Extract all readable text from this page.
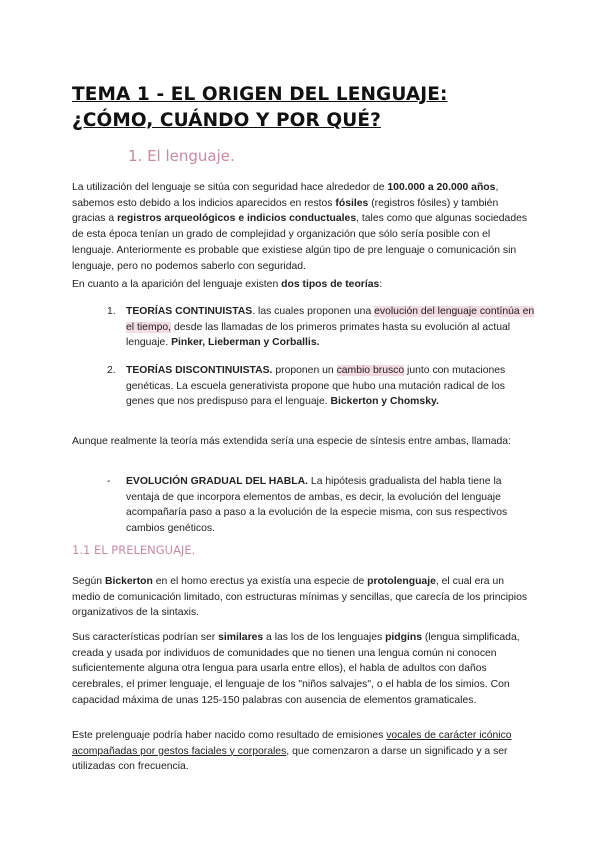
TEMA 1 - EL ORIGEN DEL LENGUAJE:
¿CÓMO, CUÁNDO Y POR QUÉ?
1. El lenguaje.

La utilización del lenguaje se sitúa con seguridad hace alrededor de 100.000 a 20.000 años, sabemos esto debido a los indicios aparecidos en restos fósiles (registros fósiles) y también gracias a registros arqueológicos e indicios conductuales, tales como que algunas sociedades de esta época tenían un grado de complejidad y organización que sólo sería posible con el lenguaje. Anteriormente es probable que existiese algún tipo de pre lenguaje o comunicación sin lenguaje, pero no podemos saberlo con seguridad.

En cuanto a la aparición del lenguaje existen dos tipos de teorías:

1. TEORÍAS CONTINUISTAS. las cuales proponen una evolución del lenguaje contínúa en el tiempo, desde las llamadas de los primeros primates hasta su evolución al actual lenguaje. Pinker, Lieberman y Corballis.

2. TEORÍAS DISCONTINUISTAS. proponen un cambio brusco junto con mutaciones genéticas. La escuela generativista propone que hubo una mutación radical de los genes que nos predispuso para el lenguaje. Bickerton y Chomsky.

Aunque realmente la teoría más extendida sería una especie de síntesis entre ambas, llamada:

- EVOLUCIÓN GRADUAL DEL HABLA. La hipótesis gradualista del habla tiene la ventaja de que incorpora elementos de ambas, es decir, la evolución del lenguaje acompañaría paso a paso a la evolución de la especie misma, con sus respectivos cambios genéticos.

1.1 EL PRELENGUAJE.

Según Bickerton en el homo erectus ya existía una especie de protolenguaje, el cual era un medio de comunicación limitado, con estructuras mínimas y sencillas, que carecía de los principios organizativos de la sintaxis.

Sus características podrían ser similares a las los de los lenguajes pidgins (lengua simplificada, creada y usada por individuos de comunidades que no tienen una lengua común ni conocen suficientemente alguna otra lengua para usarla entre ellos), el habla de adultos con daños cerebrales, el primer lenguaje, el lenguaje de los "niños salvajes", o el habla de los simios. Con capacidad máxima de unas 125-150 palabras con ausencia de elementos gramaticales.

Este prelenguaje podría haber nacido como resultado de emisiones vocales de carácter icónico acompañadas por gestos faciales y corporales, que comenzaron a darse un significado y a ser utilizadas con frecuencia.
